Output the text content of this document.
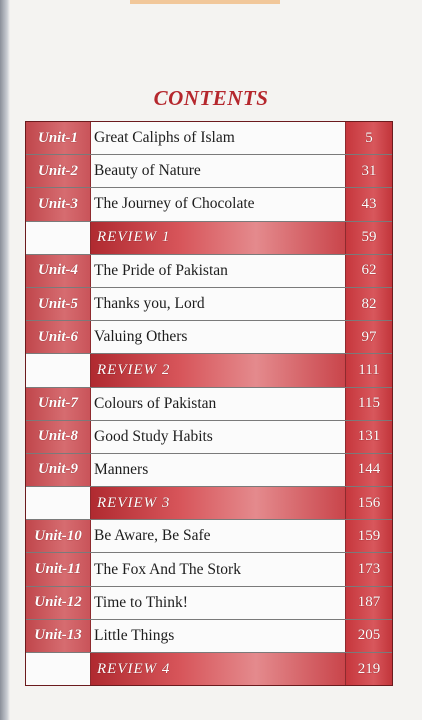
CONTENTS
Unit-1	Great Caliphs of Islam	5
Unit-2	Beauty of Nature	31
Unit-3	The Journey of Chocolate	43
REVIEW 1	59
Unit-4	The Pride of Pakistan	62
Unit-5	Thanks you, Lord	82
Unit-6	Valuing Others	97
REVIEW 2	111
Unit-7	Colours of Pakistan	115
Unit-8	Good Study Habits	131
Unit-9	Manners	144
REVIEW 3	156
Unit-10 Be Aware, Be Safe	159
Unit-11 The Fox And The Stork	173
Unit-12 Time to Think!	187
Unit-13 Little Things	205
REVIEW 4	219
